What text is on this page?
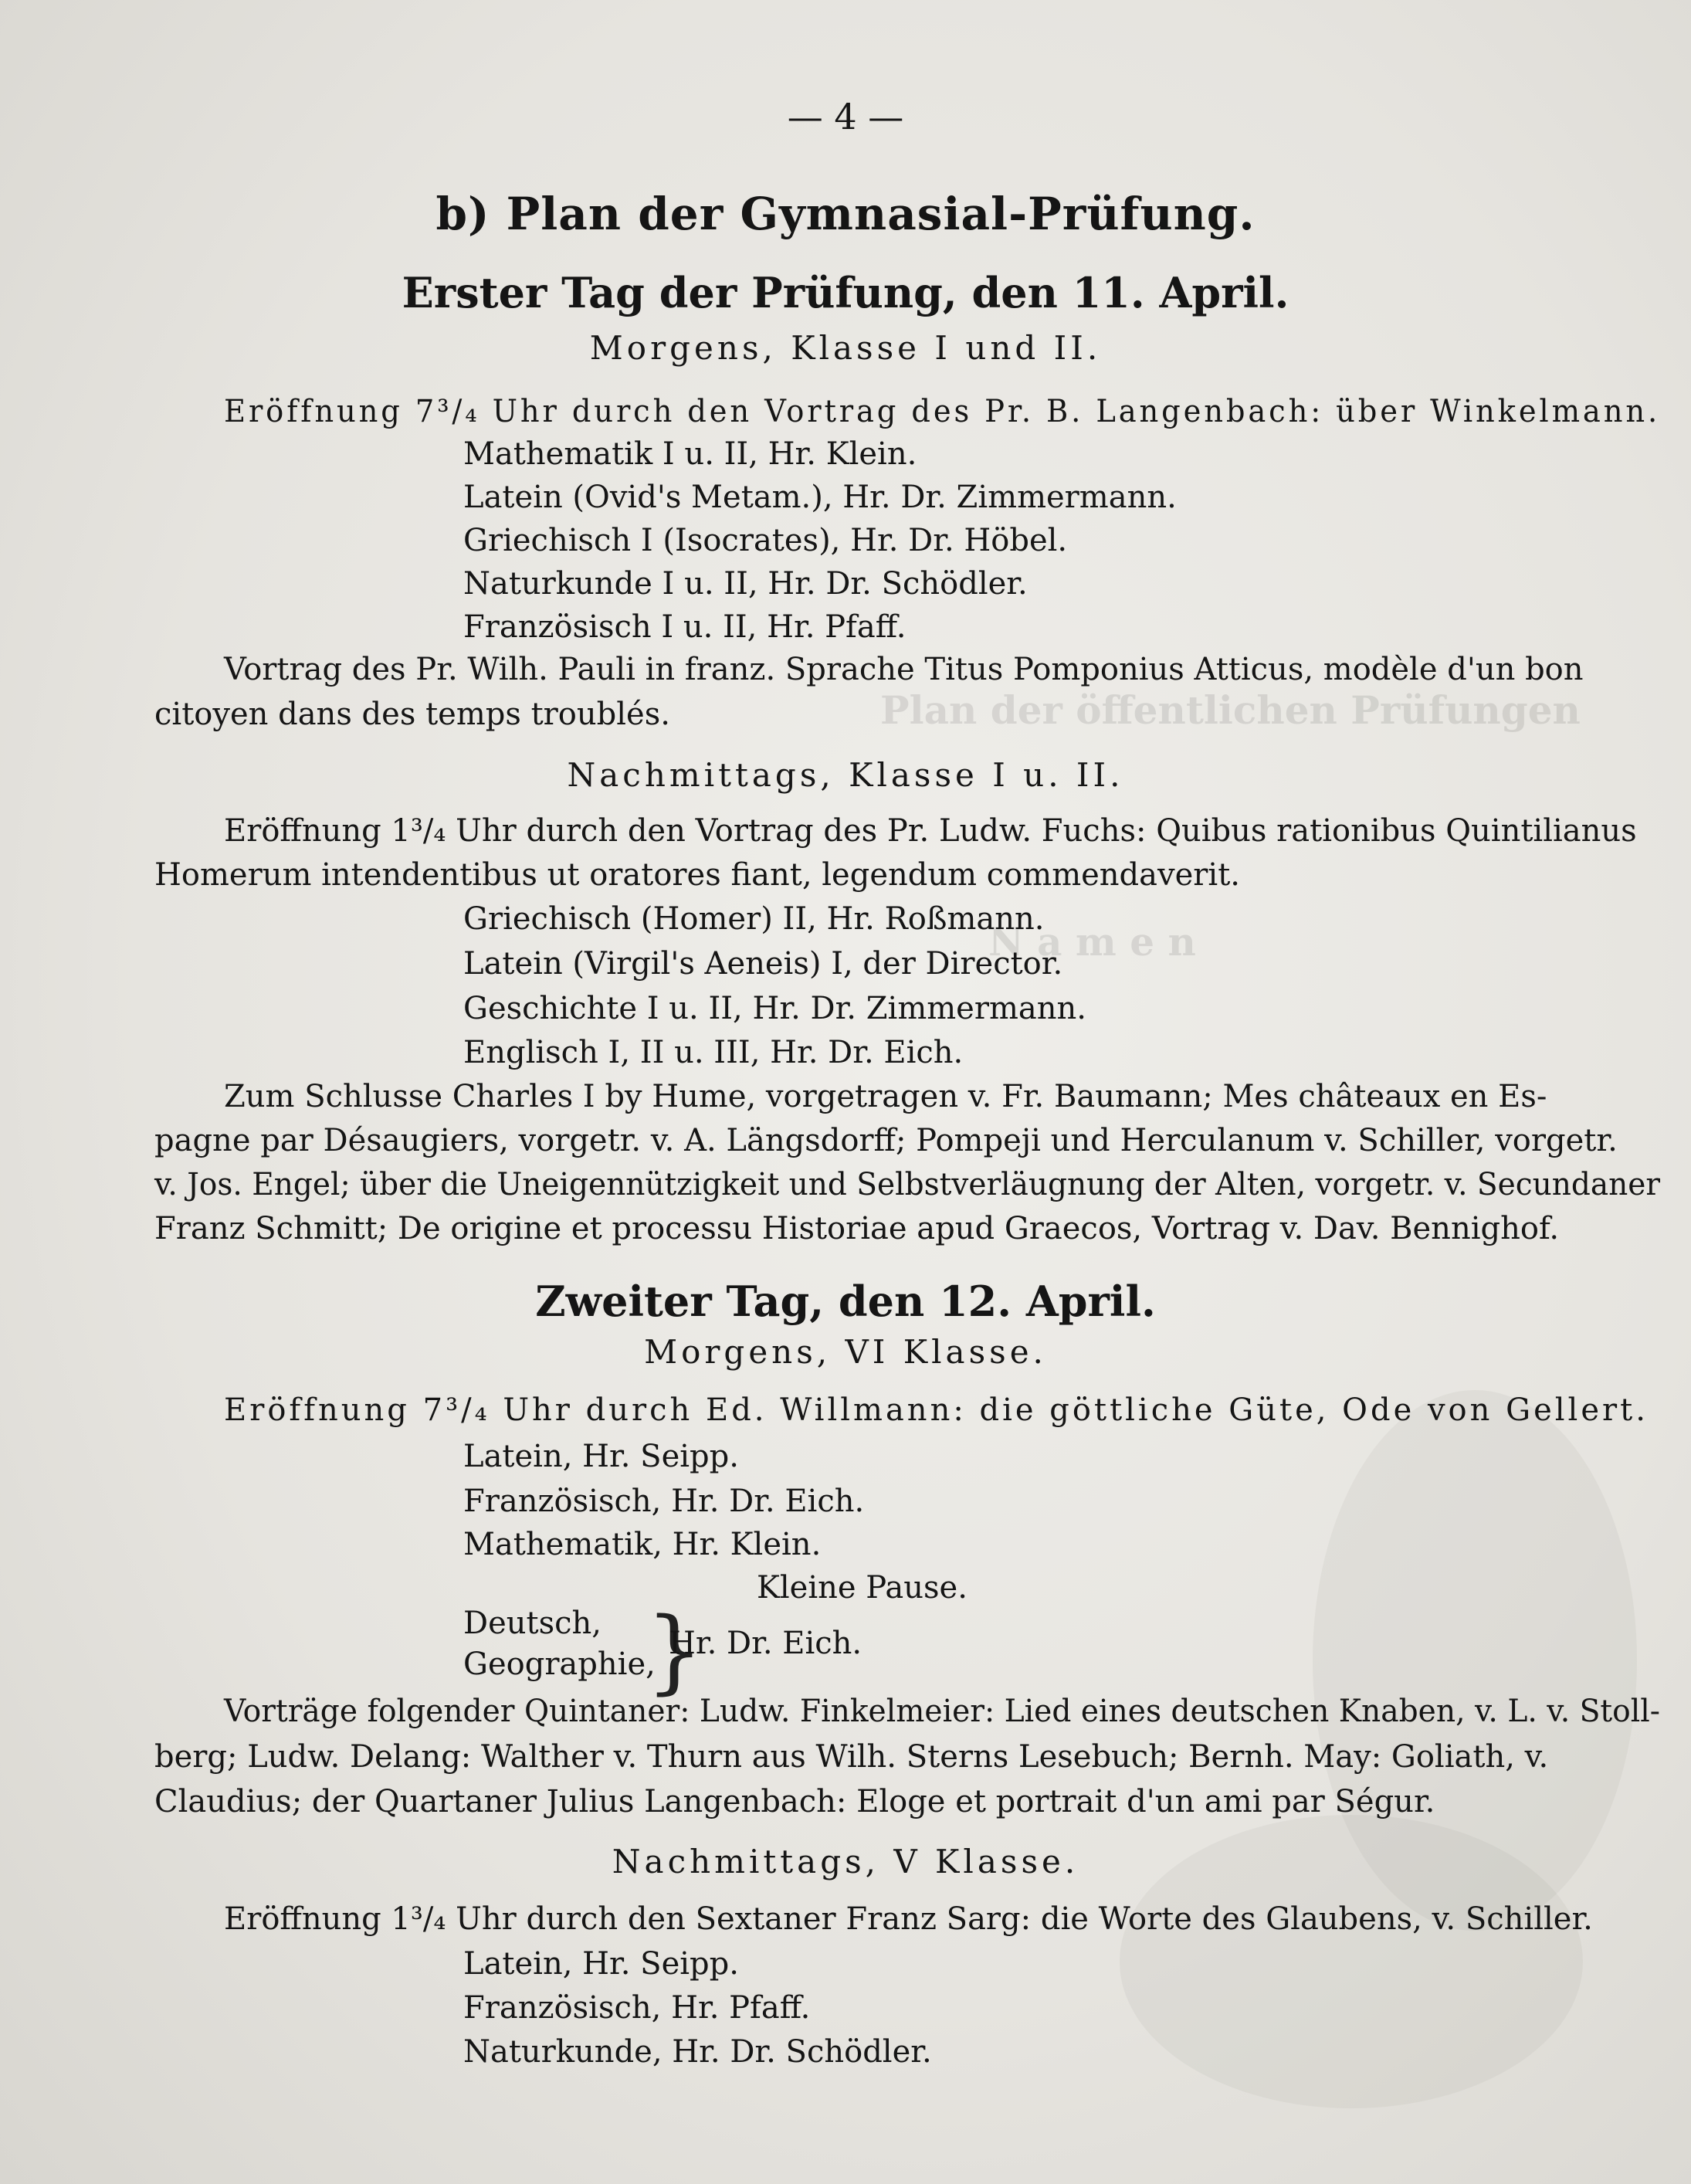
Plan der öffentlichen Prüfungen
N a m e n
— 4 —
b) Plan der Gymnasial-Prüfung.
Erster Tag der Prüfung, den 11. April.
Morgens, Klasse I und II.
Eröffnung 7³/₄ Uhr durch den Vortrag des Pr. B. Langenbach: über Winkelmann.
Mathematik I u. II, Hr. Klein.
Latein (Ovid's Metam.), Hr. Dr. Zimmermann.
Griechisch I (Isocrates), Hr. Dr. Höbel.
Naturkunde I u. II, Hr. Dr. Schödler.
Französisch I u. II, Hr. Pfaff.
Vortrag des Pr. Wilh. Pauli in franz. Sprache Titus Pomponius Atticus, modèle d'un bon
citoyen dans des temps troublés.
Nachmittags, Klasse I u. II.
Eröffnung 1³/₄ Uhr durch den Vortrag des Pr. Ludw. Fuchs: Quibus rationibus Quintilianus
Homerum intendentibus ut oratores fiant, legendum commendaverit.
Griechisch (Homer) II, Hr. Roßmann.
Latein (Virgil's Aeneis) I, der Director.
Geschichte I u. II, Hr. Dr. Zimmermann.
Englisch I, II u. III, Hr. Dr. Eich.
Zum Schlusse Charles I by Hume, vorgetragen v. Fr. Baumann; Mes châteaux en Es-
pagne par Désaugiers, vorgetr. v. A. Längsdorff; Pompeji und Herculanum v. Schiller, vorgetr.
v. Jos. Engel; über die Uneigennützigkeit und Selbstverläugnung der Alten, vorgetr. v. Secundaner
Franz Schmitt; De origine et processu Historiae apud Graecos, Vortrag v. Dav. Bennighof.
Zweiter Tag, den 12. April.
Morgens, VI Klasse.
Eröffnung 7³/₄ Uhr durch Ed. Willmann: die göttliche Güte, Ode von Gellert.
Latein, Hr. Seipp.
Französisch, Hr. Dr. Eich.
Mathematik, Hr. Klein.
Kleine Pause.
Deutsch,
Geographie,
}
Hr. Dr. Eich.
Vorträge folgender Quintaner: Ludw. Finkelmeier: Lied eines deutschen Knaben, v. L. v. Stoll-
berg; Ludw. Delang: Walther v. Thurn aus Wilh. Sterns Lesebuch; Bernh. May: Goliath, v.
Claudius; der Quartaner Julius Langenbach: Eloge et portrait d'un ami par Ségur.
Nachmittags, V Klasse.
Eröffnung 1³/₄ Uhr durch den Sextaner Franz Sarg: die Worte des Glaubens, v. Schiller.
Latein, Hr. Seipp.
Französisch, Hr. Pfaff.
Naturkunde, Hr. Dr. Schödler.
